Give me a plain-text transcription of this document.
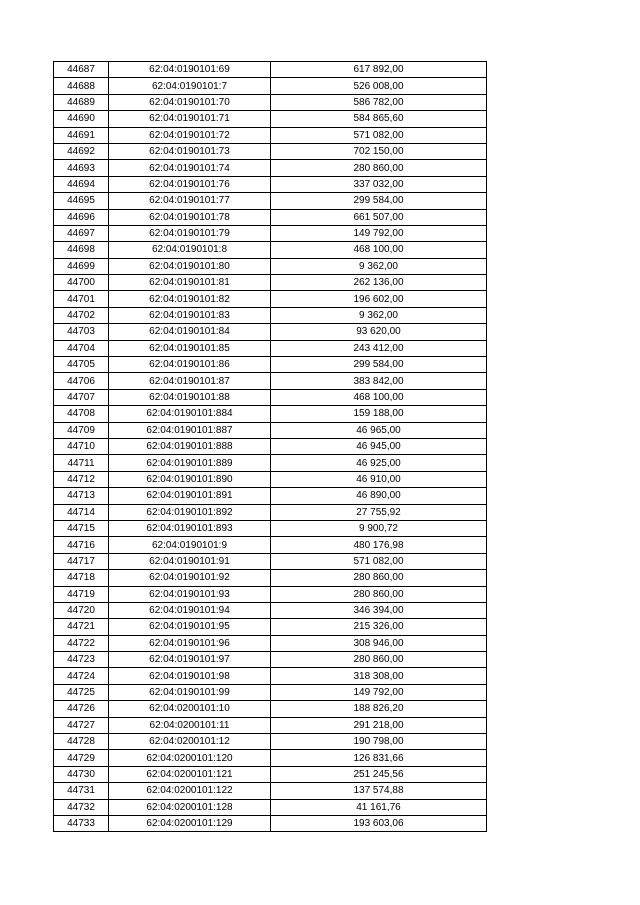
44687	62:04:0190101:69	617 892,00
44688	62:04:0190101:7	526 008,00
44689	62:04:0190101:70	586 782,00
44690	62:04:0190101:71	584 865,60
44691	62:04:0190101:72	571 082,00
44692	62:04:0190101:73	702 150,00
44693	62:04:0190101:74	280 860,00
44694	62:04:0190101:76	337 032,00
44695	62:04:0190101:77	299 584,00
44696	62:04:0190101:78	661 507,00
44697	62:04:0190101:79	149 792,00
44698	62:04:0190101:8	468 100,00
44699	62:04:0190101:80	9 362,00
44700	62:04:0190101:81	262 136,00
44701	62:04:0190101:82	196 602,00
44702	62:04:0190101:83	9 362,00
44703	62:04:0190101:84	93 620,00
44704	62:04:0190101:85	243 412,00
44705	62:04:0190101:86	299 584,00
44706	62:04:0190101:87	383 842,00
44707	62:04:0190101:88	468 100,00
44708	62:04:0190101:884	159 188,00
44709	62:04:0190101:887	46 965,00
44710	62:04:0190101:888	46 945,00
44711	62:04:0190101:889	46 925,00
44712	62:04:0190101:890	46 910,00
44713	62:04:0190101:891	46 890,00
44714	62:04:0190101:892	27 755,92
44715	62:04:0190101:893	9 900,72
44716	62:04:0190101:9	480 176,98
44717	62:04:0190101:91	571 082,00
44718	62:04:0190101:92	280 860,00
44719	62:04:0190101:93	280 860,00
44720	62:04:0190101:94	346 394,00
44721	62:04:0190101:95	215 326,00
44722	62:04:0190101:96	308 946,00
44723	62:04:0190101:97	280 860,00
44724	62:04:0190101:98	318 308,00
44725	62:04:0190101:99	149 792,00
44726	62:04:0200101:10	188 826,20
44727	62:04:0200101:11	291 218,00
44728	62:04:0200101:12	190 798,00
44729	62:04:0200101:120	126 831,66
44730	62:04:0200101:121	251 245,56
44731	62:04:0200101:122	137 574,88
44732	62:04:0200101:128	41 161,76
44733	62:04:0200101:129	193 603,06
